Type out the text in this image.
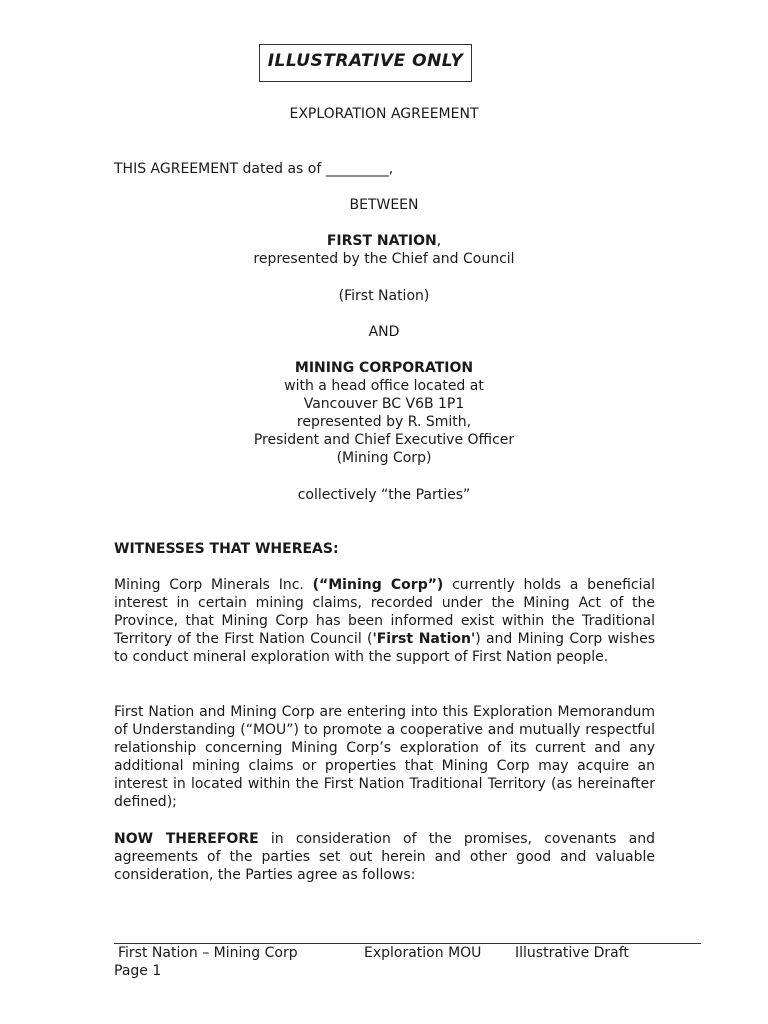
ILLUSTRATIVE ONLY
EXPLORATION AGREEMENT
THIS AGREEMENT dated as of _________,
BETWEEN
FIRST NATION,
represented by the Chief and Council
(First Nation)
AND
MINING CORPORATION
with a head office located at
Vancouver BC V6B 1P1
represented by R. Smith,
President and Chief Executive Officer
(Mining Corp)
collectively “the Parties”
WITNESSES THAT WHEREAS:
Mining Corp Minerals Inc. (“Mining Corp”) currently holds a beneficial interest in certain mining claims, recorded under the Mining Act of the Province, that Mining Corp has been informed exist within the Traditional Territory of the First Nation Council ('First Nation') and Mining Corp wishes to conduct mineral exploration with the support of First Nation people.
First Nation and Mining Corp are entering into this Exploration Memorandum of Understanding (“MOU”) to promote a cooperative and mutually respectful relationship concerning Mining Corp’s exploration of its current and any additional mining claims or properties that Mining Corp may acquire an interest in located within the First Nation Traditional Territory (as hereinafter defined);
NOW THEREFORE in consideration of the promises, covenants and agreements of the parties set out herein and other good and valuable consideration, the Parties agree as follows:
First Nation – Mining Corp	Exploration MOU Illustrative Draft
Page 1
